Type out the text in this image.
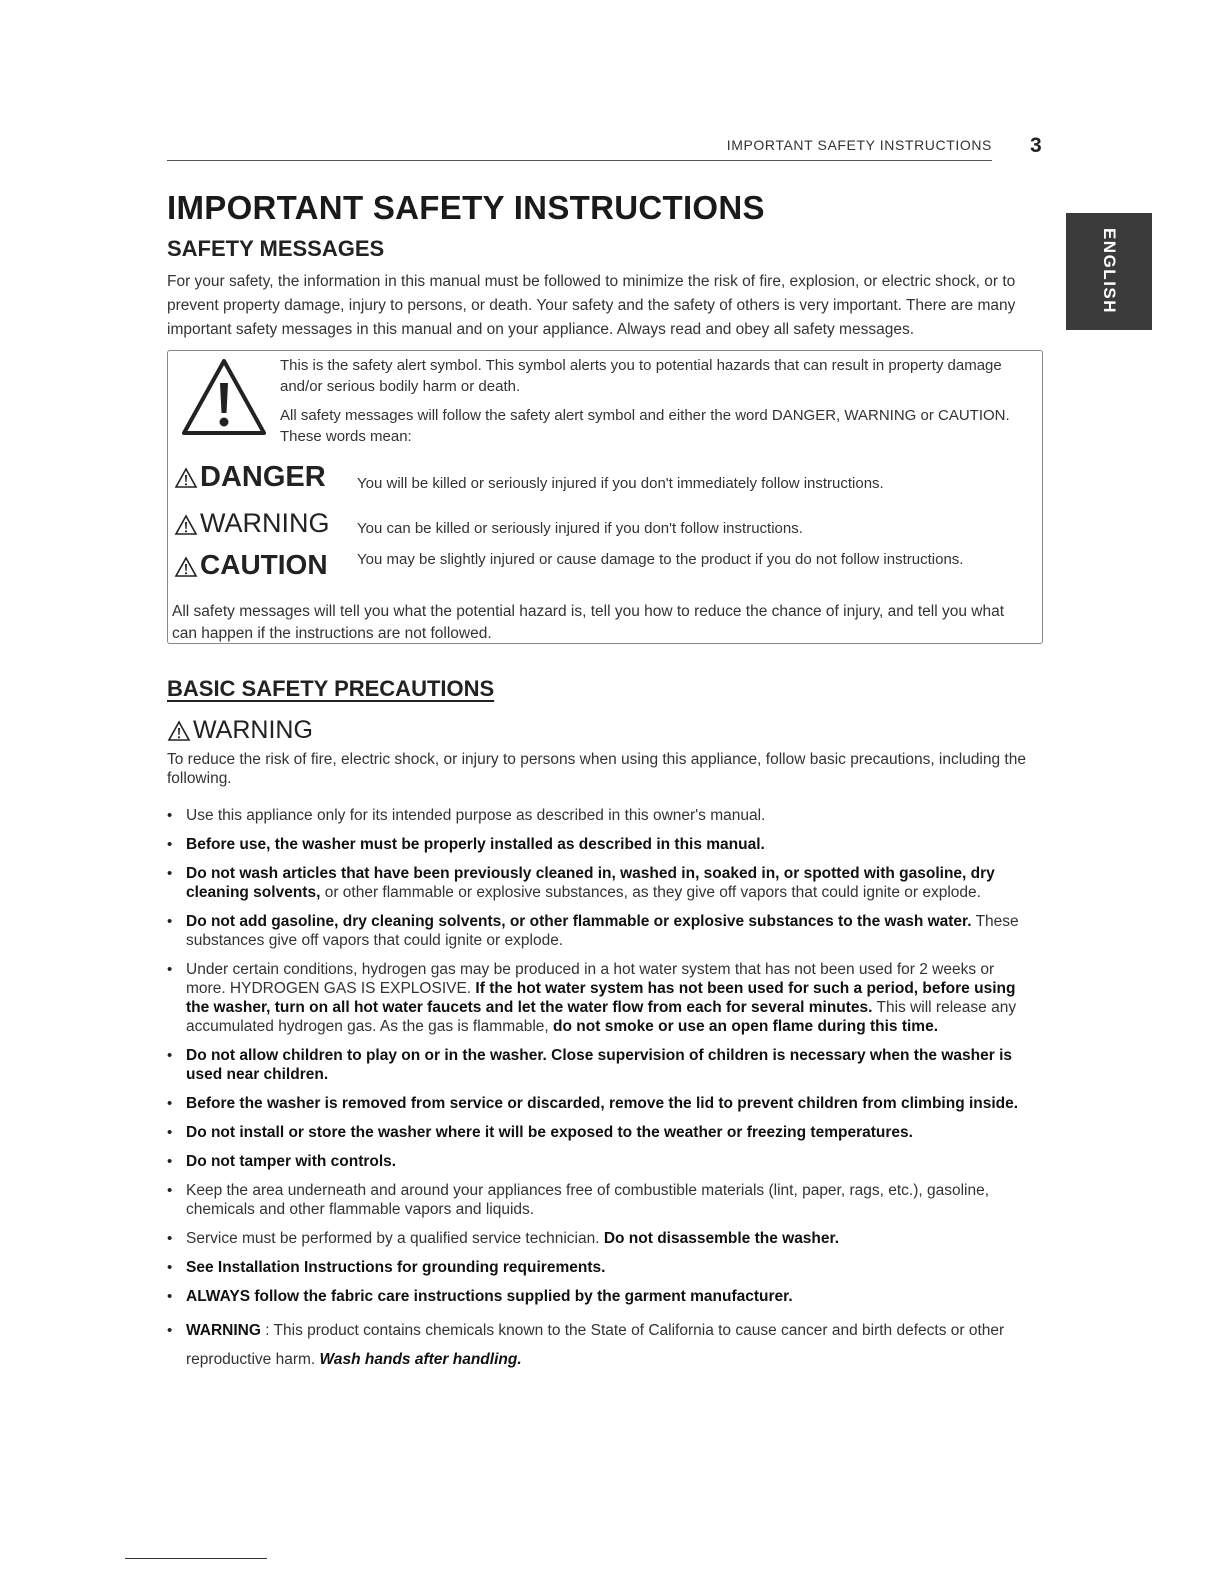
IMPORTANT SAFETY INSTRUCTIONS 3
ENGLISH
IMPORTANT SAFETY INSTRUCTIONS
SAFETY MESSAGES

For your safety, the information in this manual must be followed to minimize the risk of fire, explosion, or electric shock, or to prevent property damage, injury to persons, or death. Your safety and the safety of others is very important. There are many important safety messages in this manual and on your appliance. Always read and obey all safety messages.

This is the safety alert symbol. This symbol alerts you to potential hazards that can result in property damage and/or serious bodily harm or death.
All safety messages will follow the safety alert symbol and either the word DANGER, WARNING or CAUTION. These words mean:
DANGER You will be killed or seriously injured if you don't immediately follow instructions.
WARNING You can be killed or seriously injured if you don't follow instructions.
CAUTION You may be slightly injured or cause damage to the product if you do not follow instructions.
All safety messages will tell you what the potential hazard is, tell you how to reduce the chance of injury, and tell you what can happen if the instructions are not followed.
BASIC SAFETY PRECAUTIONS
WARNING

To reduce the risk of fire, electric shock, or injury to persons when using this appliance, follow basic precautions, including the following.

• Use this appliance only for its intended purpose as described in this owner's manual.
• Before use, the washer must be properly installed as described in this manual.
• Do not wash articles that have been previously cleaned in, washed in, soaked in, or spotted with gasoline, dry cleaning solvents, or other flammable or explosive substances, as they give off vapors that could ignite or explode.
• Do not add gasoline, dry cleaning solvents, or other flammable or explosive substances to the wash water. These substances give off vapors that could ignite or explode.
• Under certain conditions, hydrogen gas may be produced in a hot water system that has not been used for 2 weeks or more. HYDROGEN GAS IS EXPLOSIVE. If the hot water system has not been used for such a period, before using the washer, turn on all hot water faucets and let the water flow from each for several minutes. This will release any accumulated hydrogen gas. As the gas is flammable, do not smoke or use an open flame during this time.
• Do not allow children to play on or in the washer. Close supervision of children is necessary when the washer is used near children.
• Before the washer is removed from service or discarded, remove the lid to prevent children from climbing inside.
• Do not install or store the washer where it will be exposed to the weather or freezing temperatures.
• Do not tamper with controls.
• Keep the area underneath and around your appliances free of combustible materials (lint, paper, rags, etc.), gasoline, chemicals and other flammable vapors and liquids.
• Service must be performed by a qualified service technician. Do not disassemble the washer.
• See Installation Instructions for grounding requirements.
• ALWAYS follow the fabric care instructions supplied by the garment manufacturer.
• WARNING : This product contains chemicals known to the State of California to cause cancer and birth defects or other reproductive harm. Wash hands after handling.
